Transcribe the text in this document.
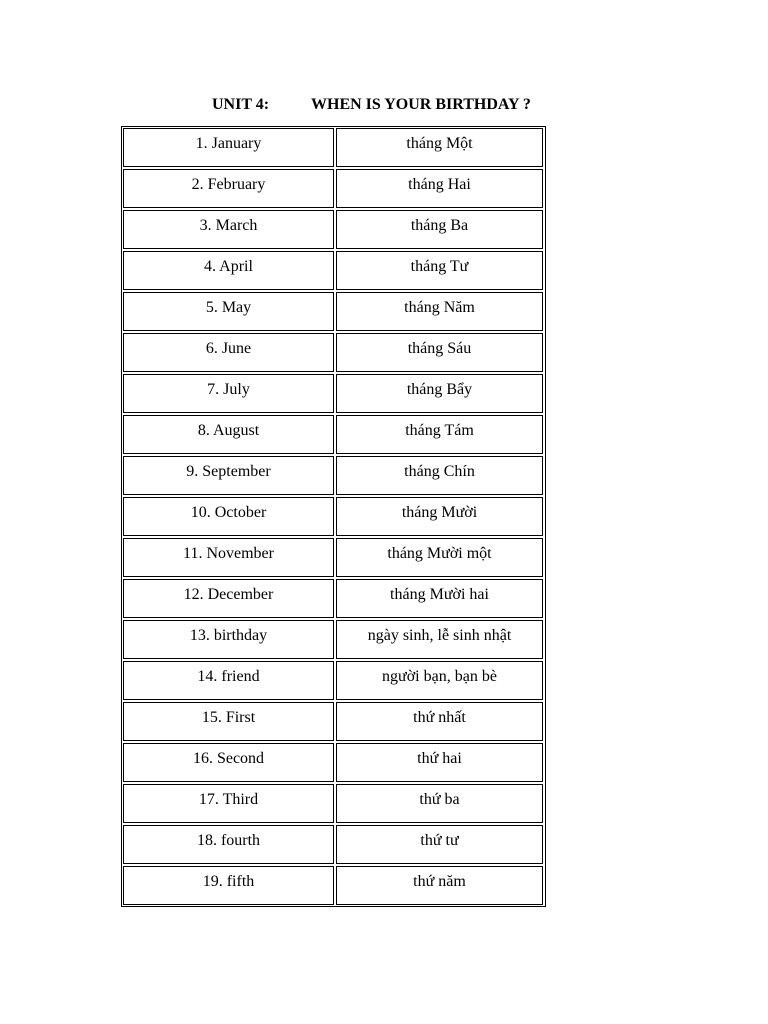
UNIT 4:	WHEN IS YOUR BIRTHDAY ?
1. January	tháng Một
2. February	tháng Hai
3. March	tháng Ba
4. April	tháng Tư
5. May	tháng Năm
6. June	tháng Sáu
7. July	tháng Bẩy
8. August	tháng Tám
9. September	tháng Chín
10. October	tháng Mười
11. November	tháng Mười một
12. December	tháng Mười hai
13. birthday	ngày sinh, lễ sinh nhật
14. friend	người bạn, bạn bè
15. First	thứ nhất
16. Second	thứ hai
17. Third	thứ ba
18. fourth	thứ tư
19. fifth	thứ năm
